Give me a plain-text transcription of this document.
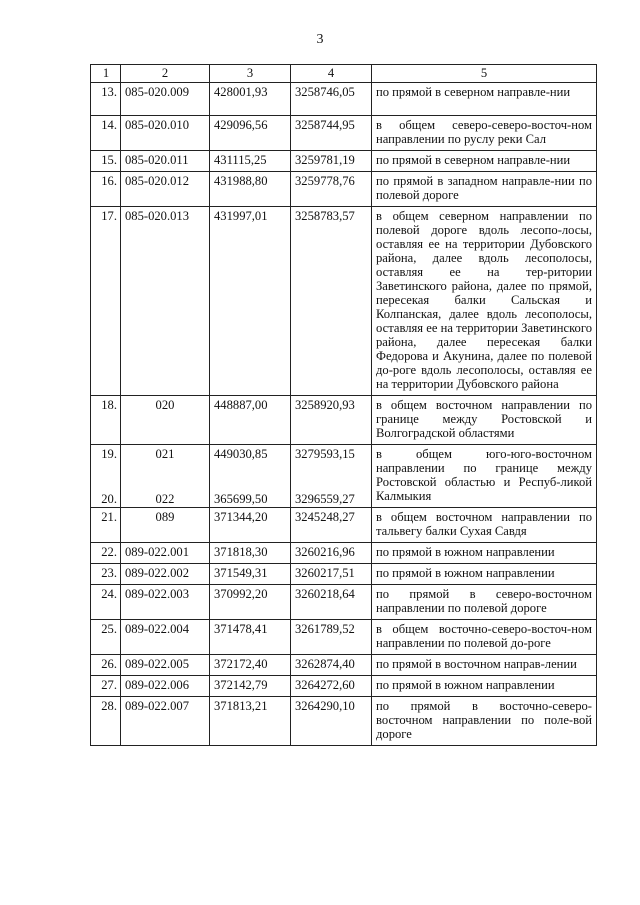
3
1	2	3	4	5
13.	085-020.009	428001,93	3258746,05	по прямой в северном направле-нии
14.	085-020.010	429096,56	3258744,95	в общем северо-северо-восточ-ном направлении по руслу реки Сал
15.	085-020.011	431115,25	3259781,19	по прямой в северном направле-нии
16.	085-020.012	431988,80	3259778,76	по прямой в западном направле-нии по полевой дороге
17.	085-020.013	431997,01	3258783,57	в общем северном направлении по полевой дороге вдоль лесопо-лосы, оставляя ее на территории Дубовского района, далее вдоль лесополосы, оставляя ее на тер-ритории Заветинского района, далее по прямой, пересекая балки Сальская и Колпанская, далее вдоль лесополосы, оставляя ее на территории Заветинского района, далее пересекая балки Федорова и Акунина, далее по полевой до-роге вдоль лесополосы, оставляя ее на территории Дубовского района
18.	020	448887,00	3258920,93	в общем восточном направлении по границе между Ростовской и Волгоградской областями
19.	021	449030,85	3279593,15	в общем юго-юго-восточном направлении по границе между Ростовской областью и Респуб-ликой Калмыкия
20.	022	365699,50	3296559,27	
21.	089	371344,20	3245248,27	в общем восточном направлении по тальвегу балки Сухая Савдя
22.	089-022.001	371818,30	3260216,96	по прямой в южном направлении
23.	089-022.002	371549,31	3260217,51	по прямой в южном направлении
24.	089-022.003	370992,20	3260218,64	по прямой в северо-восточном направлении по полевой дороге
25.	089-022.004	371478,41	3261789,52	в общем восточно-северо-восточ-ном направлении по полевой до-роге
26.	089-022.005	372172,40	3262874,40	по прямой в восточном направ-лении
27.	089-022.006	372142,79	3264272,60	по прямой в южном направлении
28.	089-022.007	371813,21	3264290,10	по прямой в восточно-северо-восточном направлении по поле-вой дороге
